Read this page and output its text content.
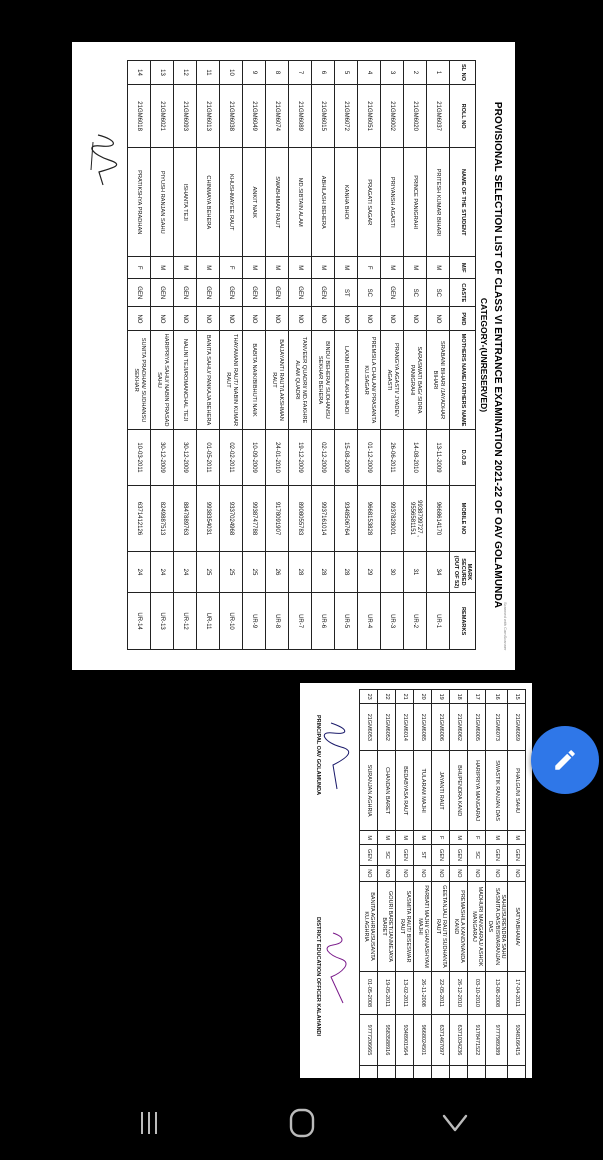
PROVISIONAL SELECTION LIST OF CLASS VI ENTRANCE EXAMINATION 2021-22 OF OAV GOLAMUNDA
CATEGORY-(UNRESERVED)
SL NO	ROLL NO	NAME OF THE STUDENT	M/F	CASTE	PWD	MOTHERS NAME/ FATHERS NAME	D.O.B	MOBILE NO	MARK SECURED (OUT OF 52)	REMARKS
1	21GM6037	PRITESH KUMAR BIHARI	M	SC	NO	SRABANI BIHARI /JAYADHAR BIHARI	13-11-2009	9668614170	34	UR-1
2	21GM6020	PRINCE PANIGRAHI	M	SC	NO	SARASWATI BAG/ SIDRA PANIGRAHI	14-08-2010	9938799727 , 9556581151	31	UR-2
3	21GM6002	PRIYANSH AGASTI	M	GEN	NO	PRANGYA AGASTI/ JYADEV AGASTI	26-06-2011	9937828001	30	UR-3
4	21GM6051	PRAGATI SAGAR	F	SC	NO	PREMSILA CHALAN/ PRASANTA KU.SAGAR	01-12-2009	9668153828	29	UR-4
5	21GM6072	KANHA BHOI	M	ST	NO	LAXMI BHOI/LAKHA BHOI	15-08-2009	9348506764	28	UR-5
6	21GM6015	ABHILASH BEHERA	M	GEN	NO	BINDU BEHERA/ SUDHANSU SEKHAR BEHERA	02-12-2009	9937161014	28	UR-6
7	21GM6089	MD.SIBTAIN ALAM	M	GEN	NO	TANVEER QUADRI/ MD.FAKHRE ALAM QUADRI	19-12-2009	8908055783	28	UR-7
8	21GM6074	SWABHIMAN RAUT	M	GEN	NO	BAIJAYANTI RAUT/LAKSHMAN RAUT	24-01-2010	9178091907	26	UR-8
9	21GM6049	ANKIT NAIK	M	GEN	NO	BABITA NAIK/BIBHUTI NAIK	10-09-2009	9938747788	25	UR-9
10	21GM6038	KHUSHMAYEE RAUT	F	GEN	NO	THAYAMANI RAUT/ NABIN KUMAR RAUT	02-02-2011	9337024968	25	UR-10
11	21GM6013	CHINMAYA BEHERA	M	GEN	NO	BANITA SAHU/ PANKAJA BEHERA	01-05-2011	9938354031	25	UR-11
12	21GM6093	ISHANTA TEJI	M	GEN	NO	NALINI TEJI/ROMANCHAL TEJI	30-12-2009	8847889763	24	UR-12
13	21GM6021	PIYUSH RANJAN SAHU	M	GEN	NO	HARIPRIYA SAHU/ NABIN PRASAD SAHU	30-12-2009	8249887513	24	UR-13
14	21GM6018	PRATIKSHYA PRADHAN	F	GEN	NO	SUNITA PRADHAN/ SUDHANSU SEKHAR	10-03-2011	6371412126	24	UR-14	Scanned with CamScanner
15	21GM6059	PHALGUNI SAHU	M	GEN	NO	SATYABHAMA/	17-04-2011	9348166415		
16	21GM6073	SWASTIK RANJAN DAS	M	GEN	NO	SAHU/SURENDRA SAHU SASMITA DAS/BISWARANJAN DAS	13-08-2008	9777989389		
17	21GM6005	HARIPRIYA MANGARAJ	F	SC	NO	MADHURI MANGARAJ/ ASHOK MANGARAJ	03-10-2010	9178471522		
18	21GM6062	BHUPENDRA KAND	M	GEN	NO	PREMASHILA KAND/NANDA KAND	26-12-2010	6371034236		
19	21GM6006	JAYANTI RAUT	F	GEN	NO	GEETANJALI RAUT/ SUDHANTA RAUT	22-05-2011	6371467097		
20	21GM6085	TULARAM MAJHI	M	ST	NO	PARBATI MAJHI/ GHANASHYAM MAJHI	26-11-2008	9668024501		
21	21GM6014	BEDABYASA RAUT	M	GEN	NO	SASMITA RAUT/ BISESWAR RAUT	13-02-2011	9348901564		
22	21GM6052	CHANDAN BARET	M	SC	NO	GOURI BARET/JANMEJAYA BARET	19-05-2011	9583588916		
23	21GM6053	SURANJAN AGHRIA	M	GEN	NO	BANITA AGHRIA/SUSANTA KU.AGHRIA	01-05-2008	9777206665		
PRINCIPAL OAV GOLAMUNDA
DISTRICT EDUCATION OFFICER KALAHANDI
